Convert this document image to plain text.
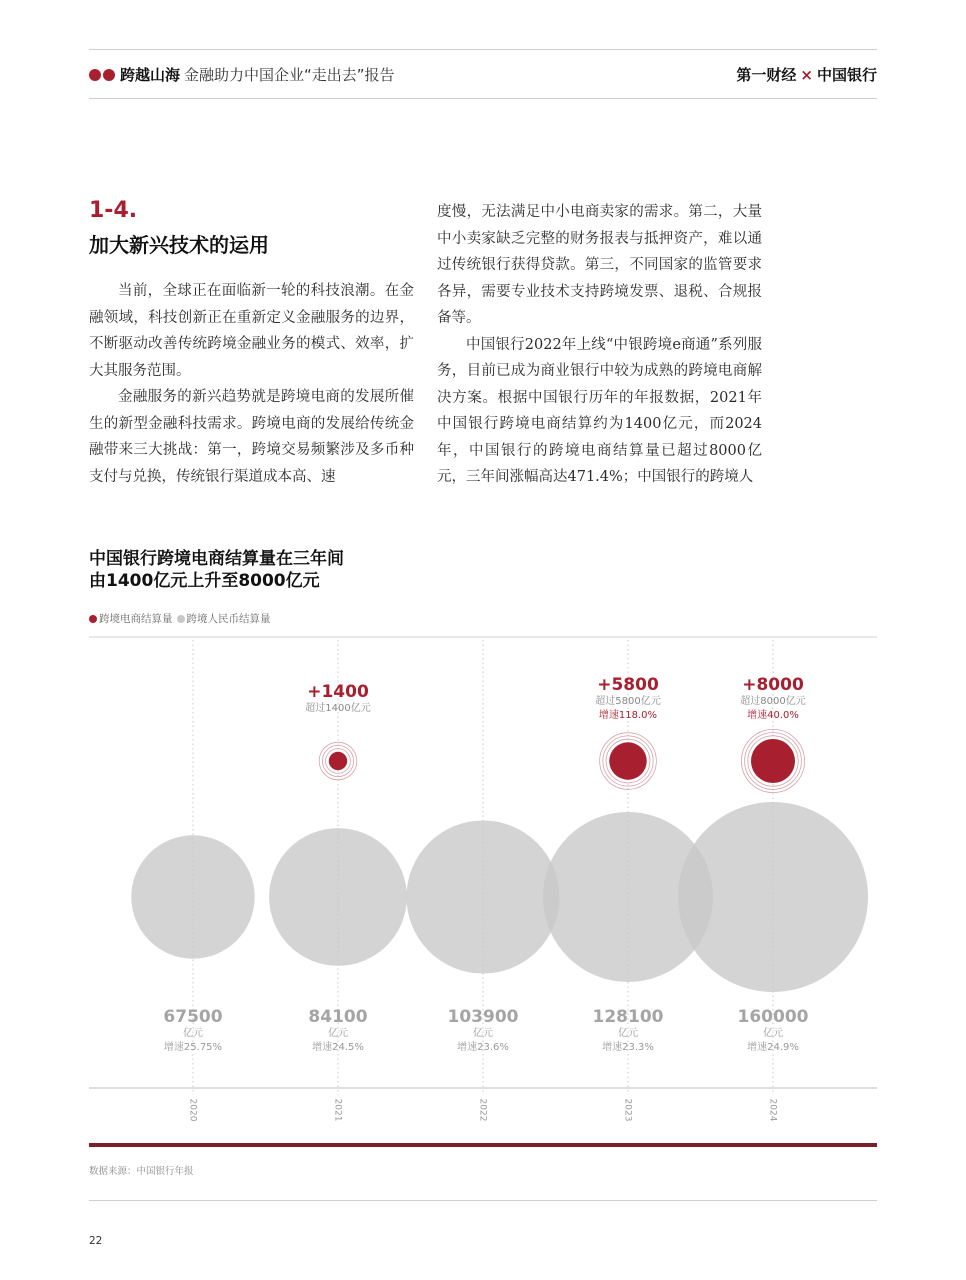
跨越山海 金融助力中国企业“走出去”报告	第一财经 × 中国银行
1-4.
加大新兴技术的运用

当前，全球正在面临新一轮的科技浪潮。在金融领域，科技创新正在重新定义金融服务的边界，不断驱动改善传统跨境金融业务的模式、效率，扩大其服务范围。

金融服务的新兴趋势就是跨境电商的发展所催生的新型金融科技需求。跨境电商的发展给传统金融带来三大挑战：第一，跨境交易频繁涉及多币种支付与兑换，传统银行渠道成本高、速

度慢，无法满足中小电商卖家的需求。第二，大量中小卖家缺乏完整的财务报表与抵押资产，难以通过传统银行获得贷款。第三，不同国家的监管要求各异，需要专业技术支持跨境发票、退税、合规报备等。

中国银行2022年上线“中银跨境e商通”系列服务，目前已成为商业银行中较为成熟的跨境电商解决方案。根据中国银行历年的年报数据，2021年中国银行跨境电商结算约为1400亿元，而2024年，中国银行的跨境电商结算量已超过8000亿元，三年间涨幅高达471.4%；中国银行的跨境人

中国银行跨境电商结算量在三年间
由1400亿元上升至8000亿元
跨境电商结算量 跨境人民币结算量
2020	2021	2022	2023	2024
67500
亿元
增速25.75%
84100
亿元
增速24.5%
103900
亿元
增速23.6%
128100
亿元
增速23.3%
160000
亿元
增速24.9%
+1400
超过1400亿元
+5800
超过5800亿元
增速118.0%
+8000
超过8000亿元
增速40.0%
数据来源：中国银行年报
22
